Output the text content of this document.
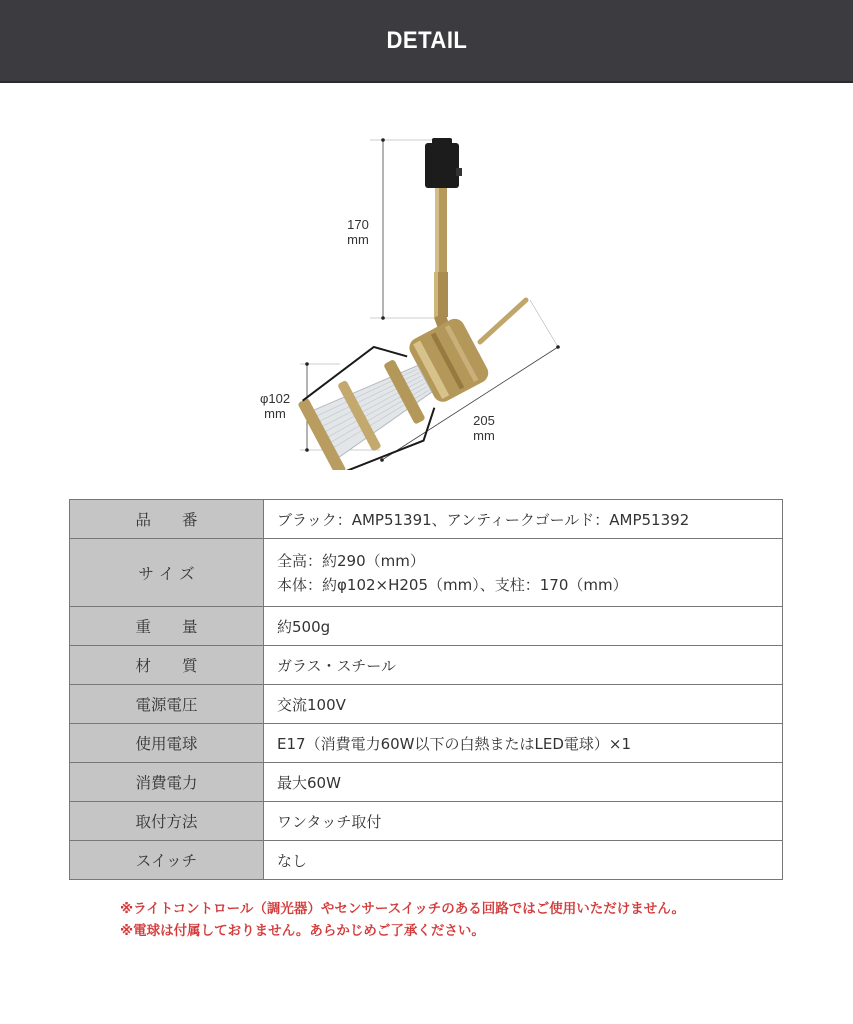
DETAIL
170
mm
φ102
mm	205
mm
品　　番	ブラック：AMP51391、アンティークゴールド：AMP51392
サ イ ズ	全高：約290（mm）
本体：約φ102×H205（mm）、支柱：170（mm）

重　　量	約500g
材　　質	ガラス・スチール
電源電圧	交流100V
使用電球	E17（消費電力60W以下の白熱またはLED電球）×1
消費電力	最大60W
取付方法	ワンタッチ取付
スイッチ	なし
※ライトコントロール（調光器）やセンサースイッチのある回路ではご使用いただけません。
※電球は付属しておりません。あらかじめご了承ください。
